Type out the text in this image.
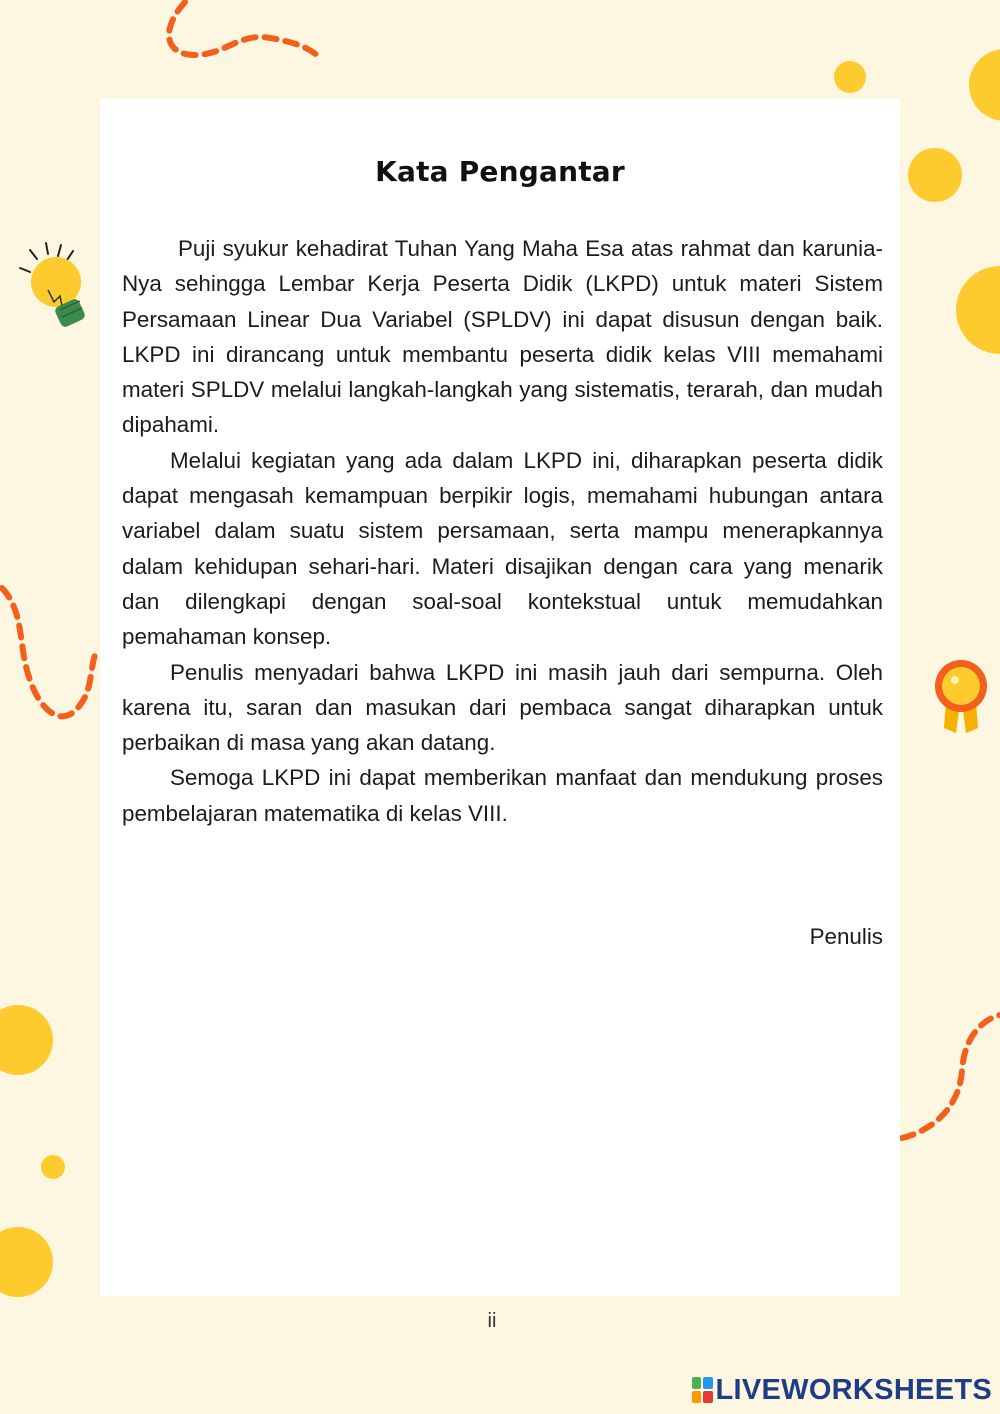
Kata Pengantar

Puji syukur kehadirat Tuhan Yang Maha Esa atas rahmat dan karunia-Nya sehingga Lembar Kerja Peserta Didik (LKPD) untuk materi Sistem Persamaan Linear Dua Variabel (SPLDV) ini dapat disusun dengan baik. LKPD ini dirancang untuk membantu peserta didik kelas VIII memahami materi SPLDV melalui langkah-langkah yang sistematis, terarah, dan mudah dipahami.

Melalui kegiatan yang ada dalam LKPD ini, diharapkan peserta didik dapat mengasah kemampuan berpikir logis, memahami hubungan antara variabel dalam suatu sistem persamaan, serta mampu menerapkannya dalam kehidupan sehari-hari. Materi disajikan dengan cara yang menarik dan dilengkapi dengan soal-soal kontekstual untuk memudahkan pemahaman konsep.

Penulis menyadari bahwa LKPD ini masih jauh dari sempurna. Oleh karena itu, saran dan masukan dari pembaca sangat diharapkan untuk perbaikan di masa yang akan datang.

Semoga LKPD ini dapat memberikan manfaat dan mendukung proses pembelajaran matematika di kelas VIII.

Penulis
ii
LIVEWORKSHEETS
